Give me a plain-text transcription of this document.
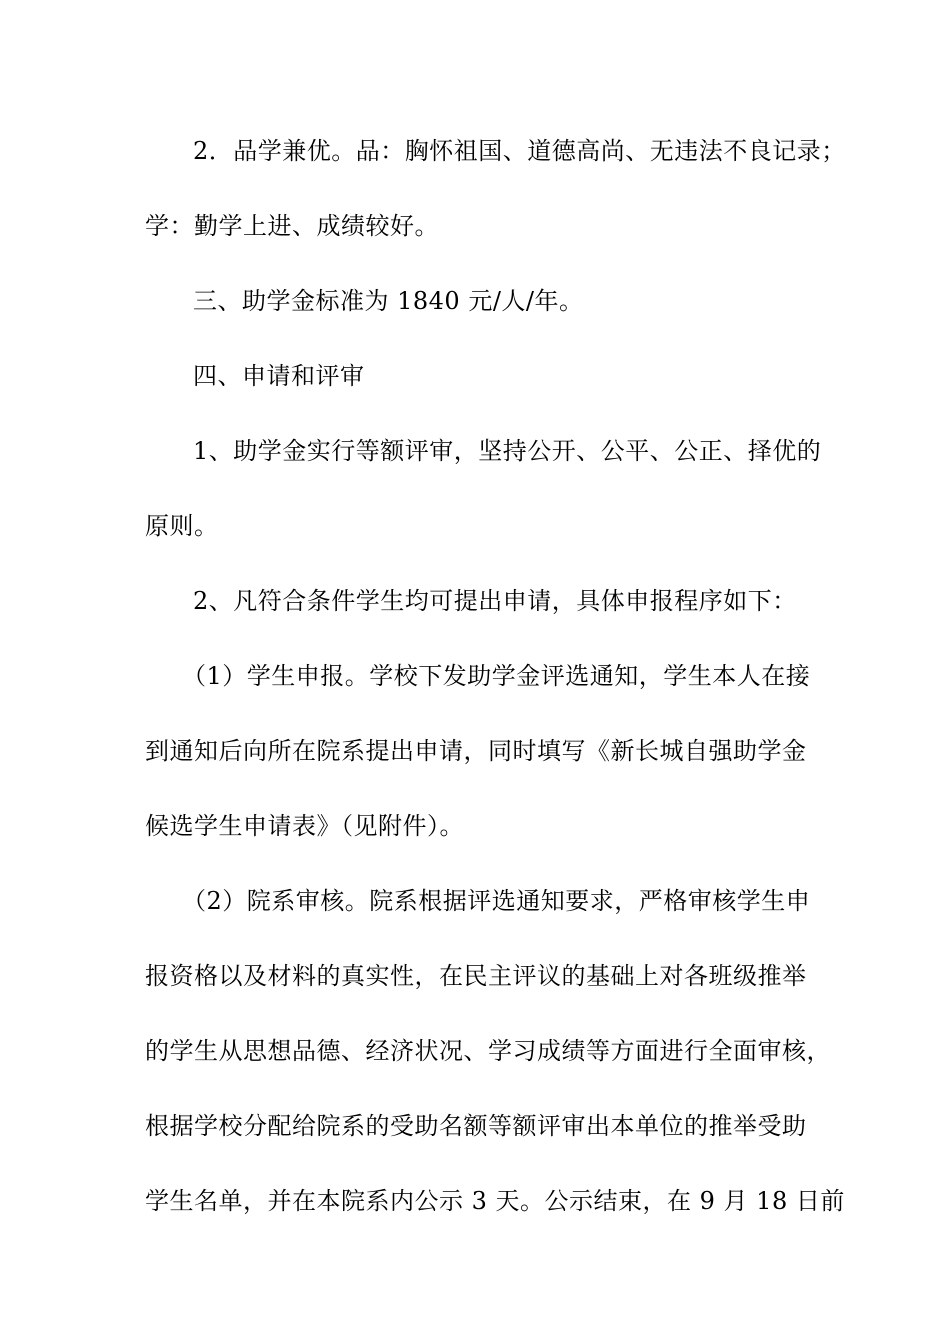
2．品学兼优。品：胸怀祖国、道德高尚、无违法不良记录；
学：勤学上进、成绩较好。
三、助学金标准为 1840 元/人/年。
四、申请和评审
1、助学金实行等额评审，坚持公开、公平、公正、择优的
原则。
2、凡符合条件学生均可提出申请，具体申报程序如下：
（1）学生申报。学校下发助学金评选通知，学生本人在接
到通知后向所在院系提出申请，同时填写《新长城自强助学金
候选学生申请表》（见附件）。
（2）院系审核。院系根据评选通知要求，严格审核学生申
报资格以及材料的真实性，在民主评议的基础上对各班级推举
的学生从思想品德、经济状况、学习成绩等方面进行全面审核，
根据学校分配给院系的受助名额等额评审出本单位的推举受助
学生名单，并在本院系内公示 3 天。公示结束，在 9 月 18 日前
